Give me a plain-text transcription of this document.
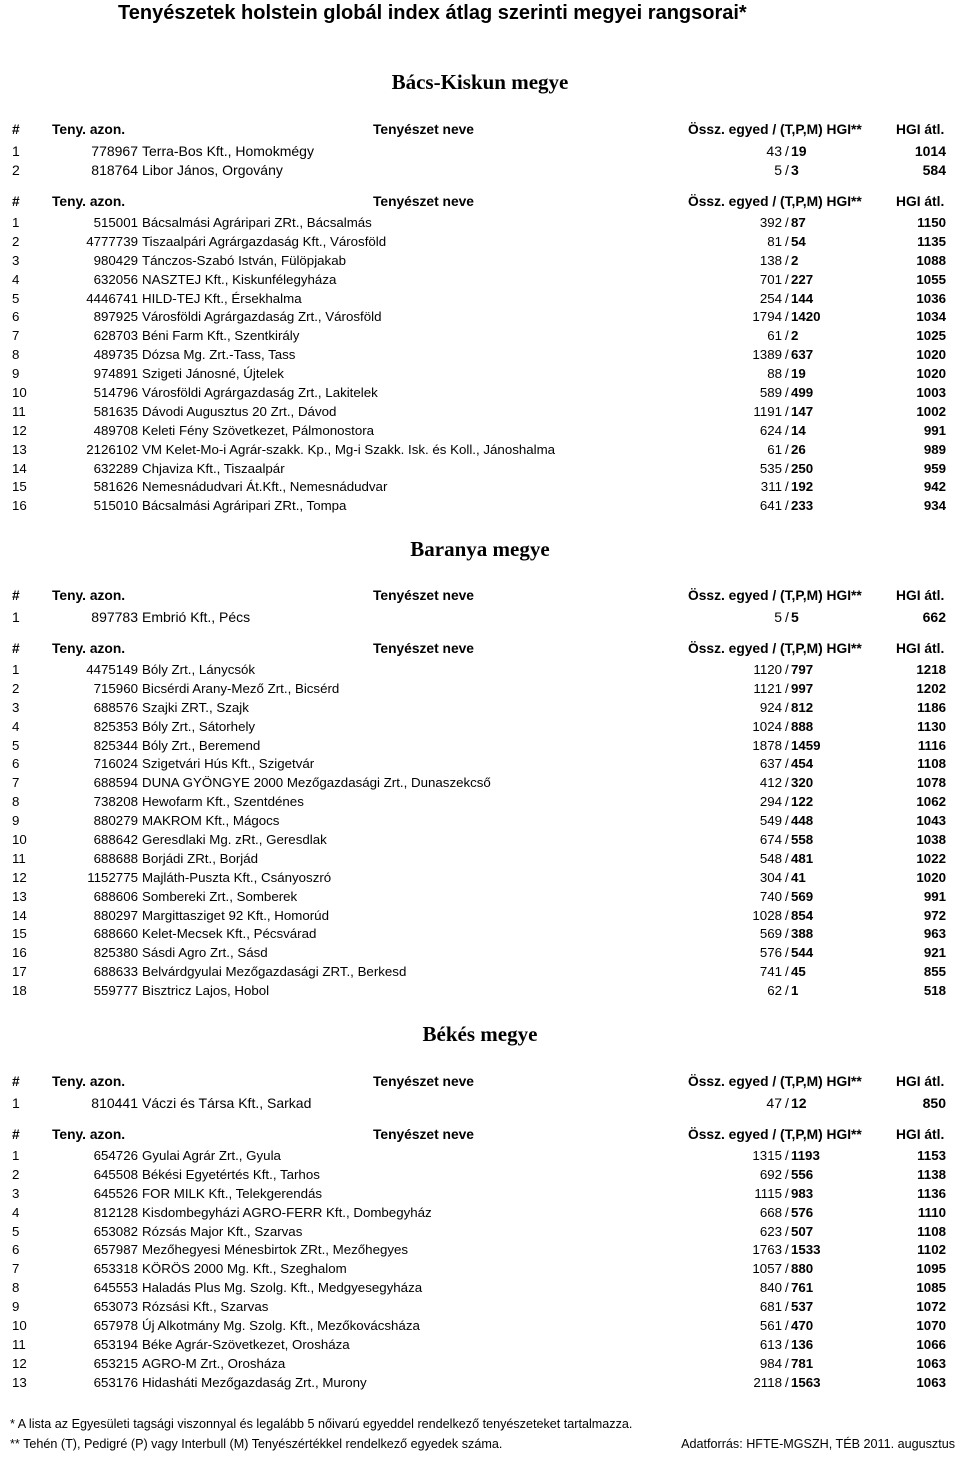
Tenyészetek holstein globál index átlag szerinti megyei rangsorai*
Bács-Kiskun megye
# Teny. azon.	Tenyészet neve	Össz. egyed / (T,P,M) HGI** HGI átl.
1	778967 Terra-Bos Kft., Homokmégy	43 / 19	1014
2	818764 Libor János, Orgovány	5 / 3	584
# Teny. azon.	Tenyészet neve	Össz. egyed / (T,P,M) HGI** HGI átl.
1	515001 Bácsalmási Agráripari ZRt., Bácsalmás	392 / 87	1150
2	4777739 Tiszaalpári Agrárgazdaság Kft., Városföld	81 / 54	1135
3	980429 Tánczos-Szabó István, Fülöpjakab	138 / 2	1088
4	632056 NASZTEJ Kft., Kiskunfélegyháza	701 / 227	1055
5	4446741 HILD-TEJ Kft., Érsekhalma	254 / 144	1036
6	897925 Városföldi Agrárgazdaság Zrt., Városföld	1794 / 1420	1034
7	628703 Béni Farm Kft., Szentkirály	61 / 2	1025
8	489735 Dózsa Mg. Zrt.-Tass, Tass	1389 / 637	1020
9	974891 Szigeti Jánosné, Újtelek	88 / 19	1020
10	514796 Városföldi Agrárgazdaság Zrt., Lakitelek	589 / 499	1003
11	581635 Dávodi Augusztus 20 Zrt., Dávod	1191 / 147	1002
12	489708 Keleti Fény Szövetkezet, Pálmonostora	624 / 14	991
13	2126102 VM Kelet-Mo-i Agrár-szakk. Kp., Mg-i Szakk. Isk. és Koll., Jánoshalma	61 / 26	989
14	632289 Chjaviza Kft., Tiszaalpár	535 / 250	959
15	581626 Nemesnádudvari Át.Kft., Nemesnádudvar	311 / 192	942
16	515010 Bácsalmási Agráripari ZRt., Tompa	641 / 233	934
Baranya megye
# Teny. azon.	Tenyészet neve	Össz. egyed / (T,P,M) HGI** HGI átl.
1	897783 Embrió Kft., Pécs	5 / 5	662
# Teny. azon.	Tenyészet neve	Össz. egyed / (T,P,M) HGI** HGI átl.
1	4475149 Bóly Zrt., Lánycsók	1120 / 797	1218
2	715960 Bicsérdi Arany-Mező Zrt., Bicsérd	1121 / 997	1202
3	688576 Szajki ZRT., Szajk	924 / 812	1186
4	825353 Bóly Zrt., Sátorhely	1024 / 888	1130
5	825344 Bóly Zrt., Beremend	1878 / 1459	1116
6	716024 Szigetvári Hús Kft., Szigetvár	637 / 454	1108
7	688594 DUNA GYÖNGYE 2000 Mezőgazdasági Zrt., Dunaszekcső	412 / 320	1078
8	738208 Hewofarm Kft., Szentdénes	294 / 122	1062
9	880279 MAKROM Kft., Mágocs	549 / 448	1043
10	688642 Geresdlaki Mg. zRt., Geresdlak	674 / 558	1038
11	688688 Borjádi ZRt., Borjád	548 / 481	1022
12	1152775 Majláth-Puszta Kft., Csányoszró	304 / 41	1020
13	688606 Sombereki Zrt., Somberek	740 / 569	991
14	880297 Margittasziget 92 Kft., Homorúd	1028 / 854	972
15	688660 Kelet-Mecsek Kft., Pécsvárad	569 / 388	963
16	825380 Sásdi Agro Zrt., Sásd	576 / 544	921
17	688633 Belvárdgyulai Mezőgazdasági ZRT., Berkesd	741 / 45	855
18	559777 Bisztricz Lajos, Hobol	62 / 1	518
Békés megye
# Teny. azon.	Tenyészet neve	Össz. egyed / (T,P,M) HGI** HGI átl.
1	810441 Váczi és Társa Kft., Sarkad	47 / 12	850
# Teny. azon.	Tenyészet neve	Össz. egyed / (T,P,M) HGI** HGI átl.
1	654726 Gyulai Agrár Zrt., Gyula	1315 / 1193	1153
2	645508 Békési Egyetértés Kft., Tarhos	692 / 556	1138
3	645526 FOR MILK Kft., Telekgerendás	1115 / 983	1136
4	812128 Kisdombegyházi AGRO-FERR Kft., Dombegyház	668 / 576	1110
5	653082 Rózsás Major Kft., Szarvas	623 / 507	1108
6	657987 Mezőhegyesi Ménesbirtok ZRt., Mezőhegyes	1763 / 1533	1102
7	653318 KÖRÖS 2000 Mg. Kft., Szeghalom	1057 / 880	1095
8	645553 Haladás Plus Mg. Szolg. Kft., Medgyesegyháza	840 / 761	1085
9	653073 Rózsási Kft., Szarvas	681 / 537	1072
10	657978 Új Alkotmány Mg. Szolg. Kft., Mezőkovácsháza	561 / 470	1070
11	653194 Béke Agrár-Szövetkezet, Orosháza	613 / 136	1066
12	653215 AGRO-M Zrt., Orosháza	984 / 781	1063
13	653176 Hidasháti Mezőgazdaság Zrt., Murony	2118 / 1563	1063
* A lista az Egyesületi tagsági viszonnyal és legalább 5 nőivarú egyeddel rendelkező tenyészeteket tartalmazza.
** Tehén (T), Pedigré (P) vagy Interbull (M) Tenyészértékkel rendelkező egyedek száma.	Adatforrás: HFTE-MGSZH, TÉB 2011. augusztus
